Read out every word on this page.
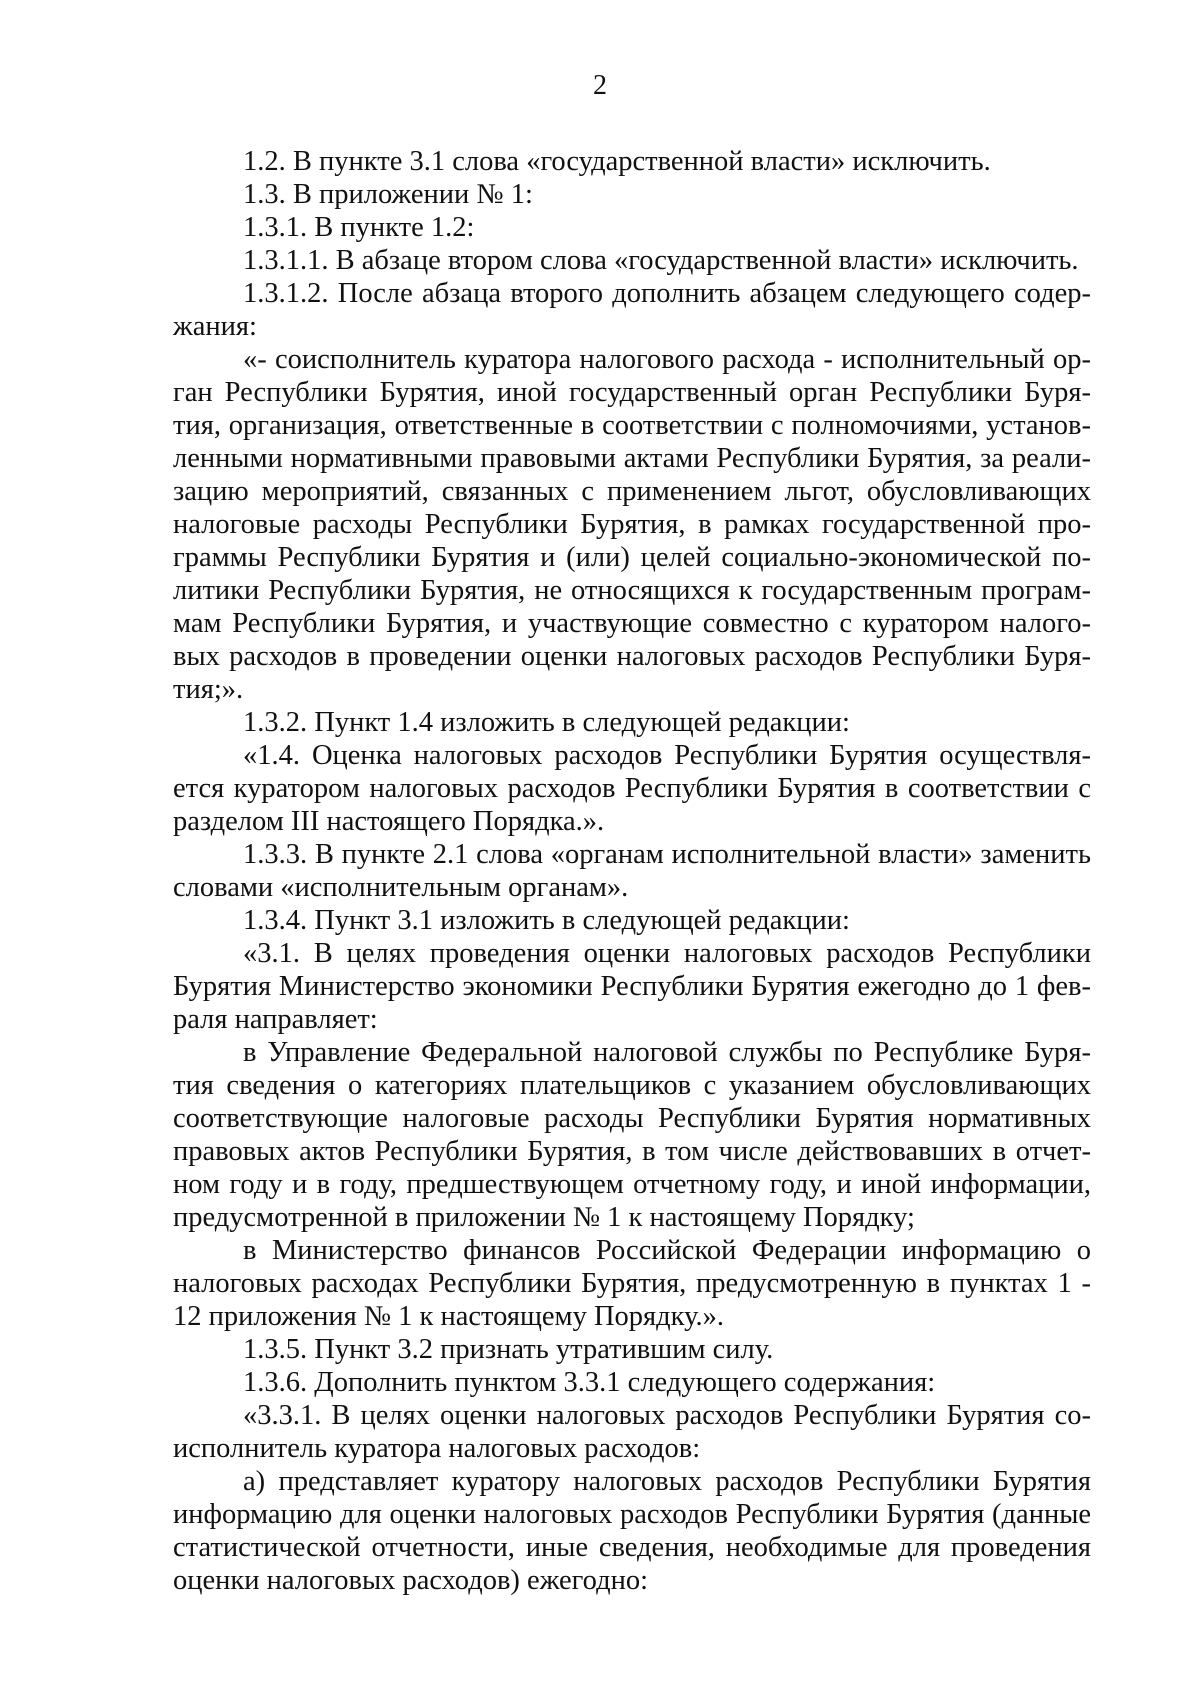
2

1.2. В пункте 3.1 слова «государственной власти» исключить.

1.3. В приложении № 1:

1.3.1. В пункте 1.2:

1.3.1.1. В абзаце втором слова «государственной власти» исключить.

1.3.1.2. После абзаца второго дополнить абзацем следующего содержания:

«- соисполнитель куратора налогового расхода - исполнительный орган Республики Бурятия, иной государственный орган Республики Бурятия, организация, ответственные в соответствии с полномочиями, установленными нормативными правовыми актами Республики Бурятия, за реализацию мероприятий, связанных с применением льгот, обусловливающих налоговые расходы Республики Бурятия, в рамках государственной программы Республики Бурятия и (или) целей социально-экономической политики Республики Бурятия, не относящихся к государственным программам Республики Бурятия, и участвующие совместно с куратором налоговых расходов в проведении оценки налоговых расходов Республики Бурятия;».

1.3.2. Пункт 1.4 изложить в следующей редакции:

«1.4. Оценка налоговых расходов Республики Бурятия осуществляется куратором налоговых расходов Республики Бурятия в соответствии с разделом III настоящего Порядка.».

1.3.3. В пункте 2.1 слова «органам исполнительной власти» заменить словами «исполнительным органам».

1.3.4. Пункт 3.1 изложить в следующей редакции:

«3.1. В целях проведения оценки налоговых расходов Республики Бурятия Министерство экономики Республики Бурятия ежегодно до 1 февраля направляет:

в Управление Федеральной налоговой службы по Республике Бурятия сведения о категориях плательщиков с указанием обусловливающих соответствующие налоговые расходы Республики Бурятия нормативных правовых актов Республики Бурятия, в том числе действовавших в отчетном году и в году, предшествующем отчетному году, и иной информации, предусмотренной в приложении № 1 к настоящему Порядку;

в Министерство финансов Российской Федерации информацию о налоговых расходах Республики Бурятия, предусмотренную в пунктах 1 - 12 приложения № 1 к настоящему Порядку.».

1.3.5. Пункт 3.2 признать утратившим силу.

1.3.6. Дополнить пунктом 3.3.1 следующего содержания:

«3.3.1. В целях оценки налоговых расходов Республики Бурятия соисполнитель куратора налоговых расходов:

а) представляет куратору налоговых расходов Республики Бурятия информацию для оценки налоговых расходов Республики Бурятия (данные статистической отчетности, иные сведения, необходимые для проведения оценки налоговых расходов) ежегодно:
